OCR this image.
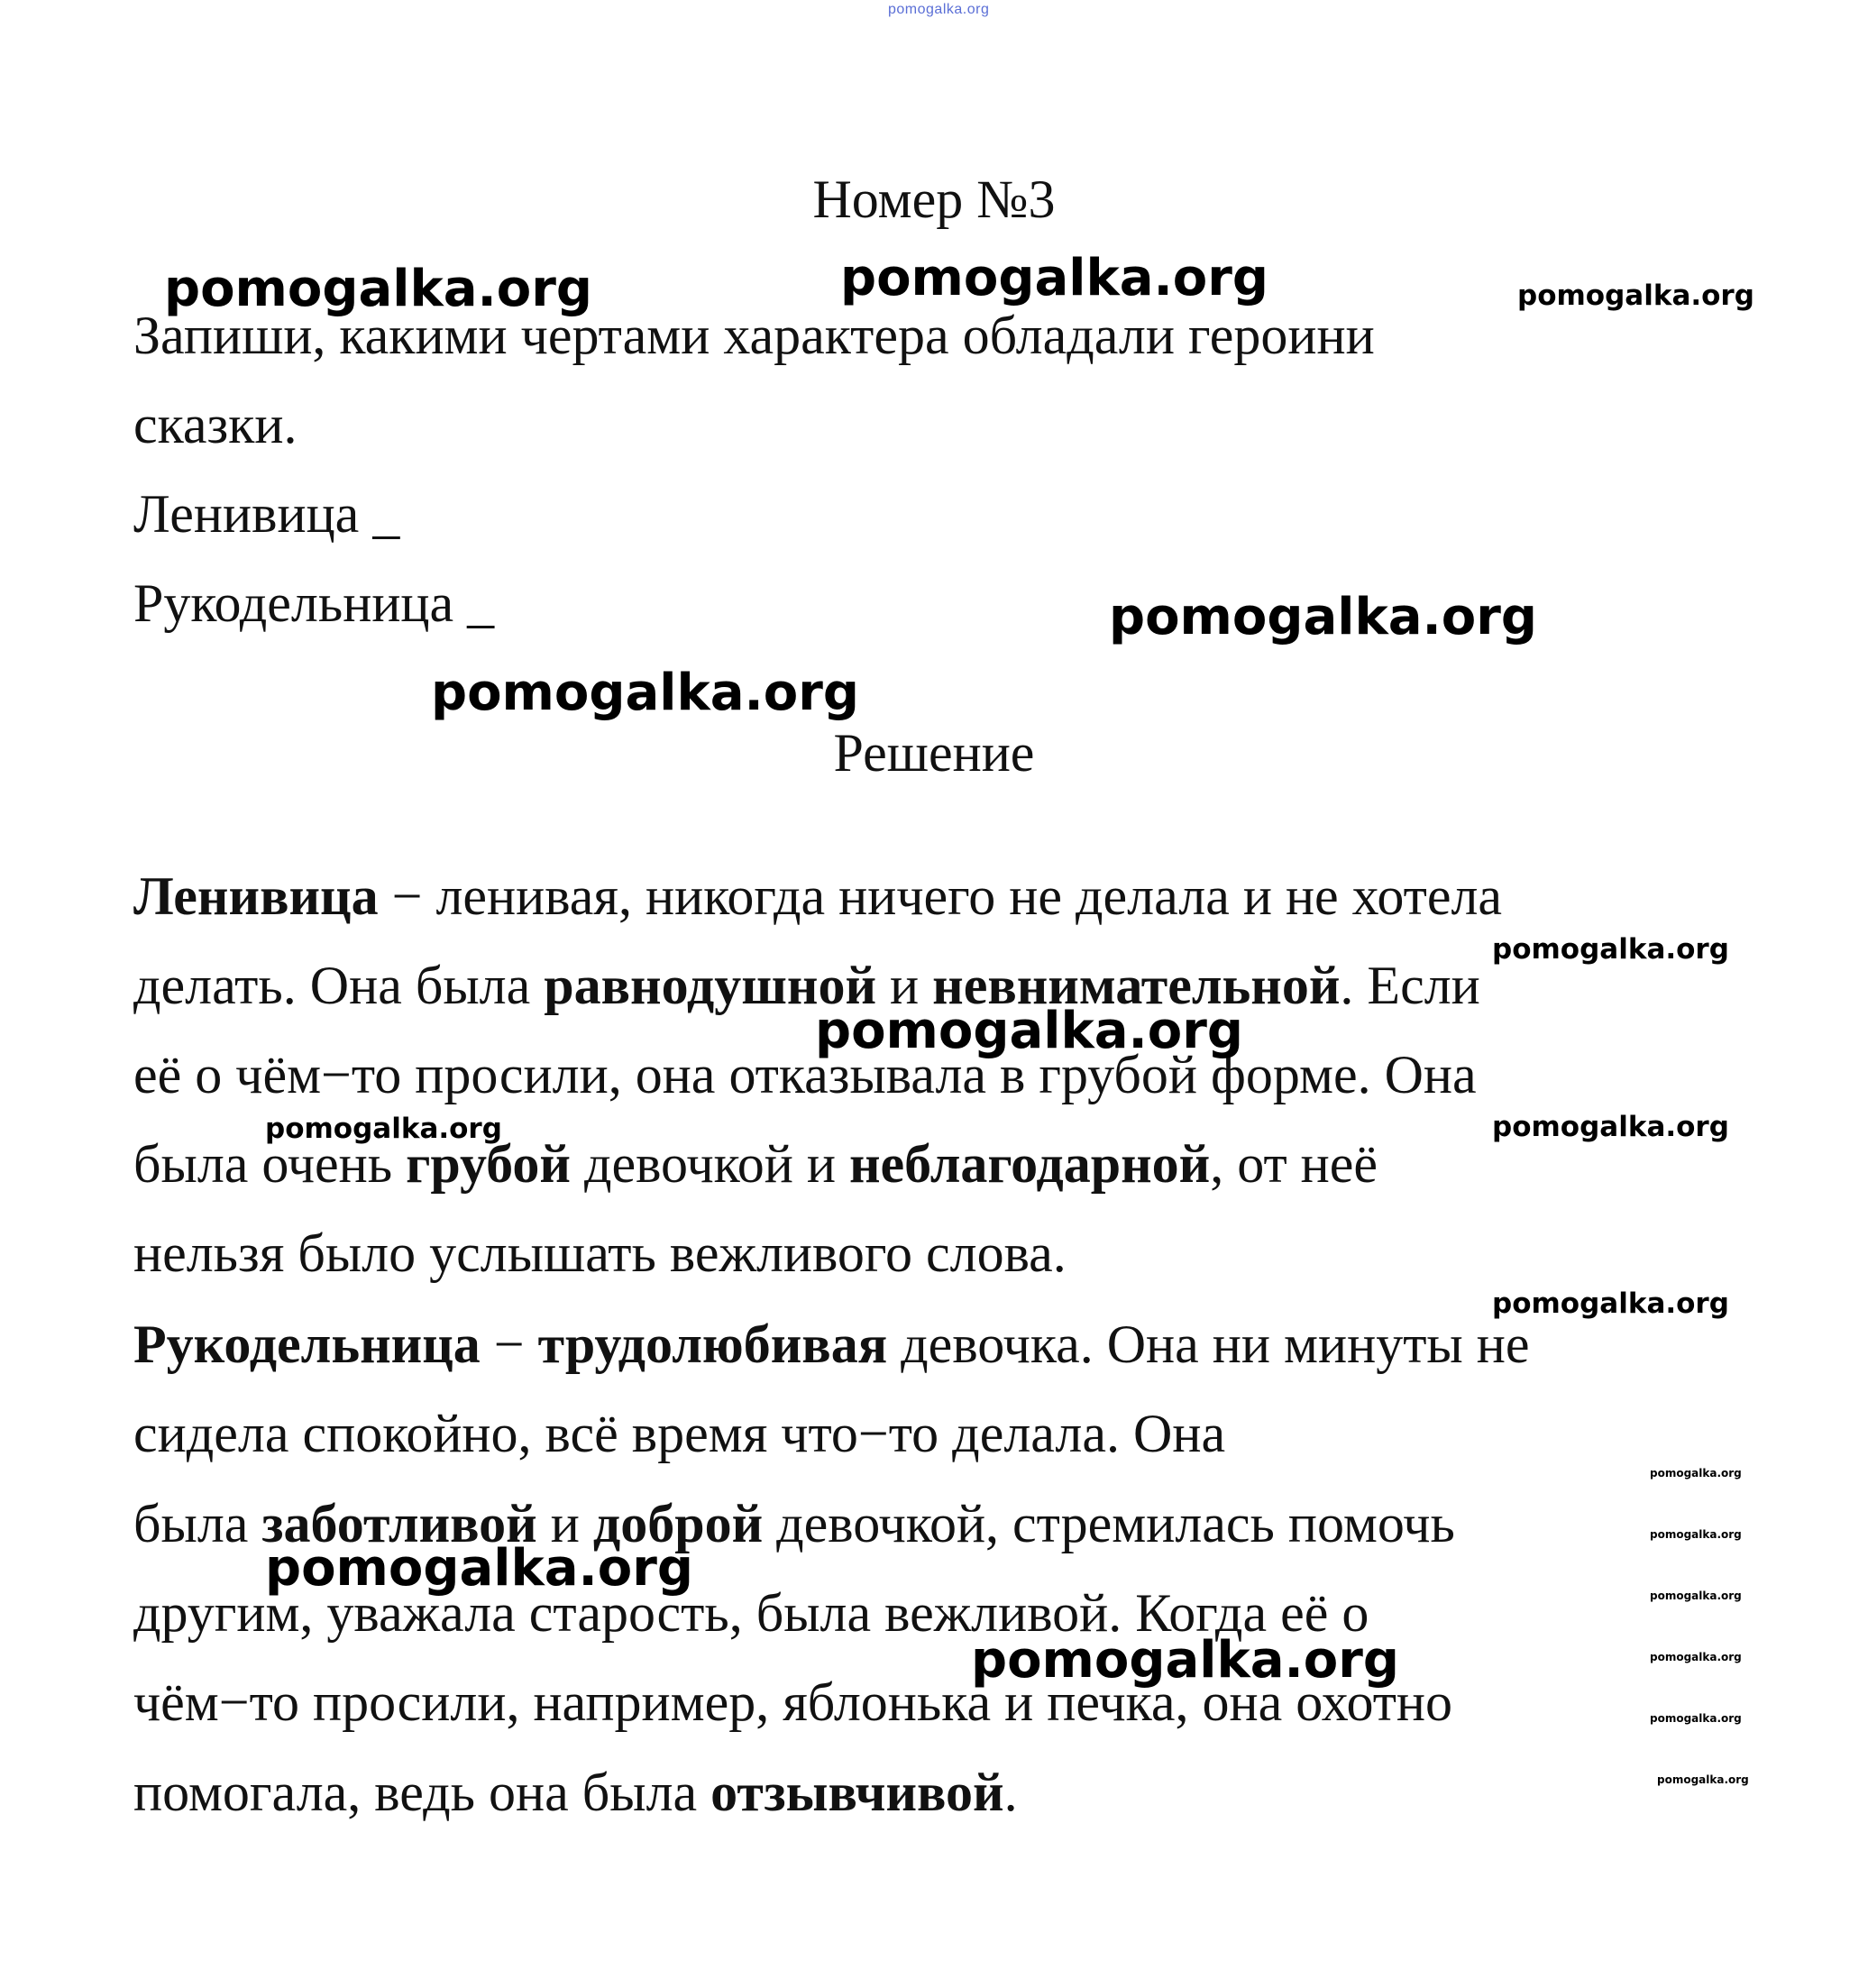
pomogalka.org
Номер №3
Запиши, какими чертами характера обладали героини
сказки.
Ленивица _
Рукодельница _
Решение
Ленивица − ленивая, никогда ничего не делала и не хотела
делать. Она была равнодушной и невнимательной. Если
её о чём−то просили, она отказывала в грубой форме. Она
была очень грубой девочкой и неблагодарной, от неё
нельзя было услышать вежливого слова.
Рукодельница − трудолюбивая девочка. Она ни минуты не
сидела спокойно, всё время что−то делала. Она
была заботливой и доброй девочкой, стремилась помочь
другим, уважала старость, была вежливой. Когда её о
чём−то просили, например, яблонька и печка, она охотно
помогала, ведь она была отзывчивой.
pomogalka.org	pomogalka.org	pomogalka.org
pomogalka.org
pomogalka.org
pomogalka.org
pomogalka.org
pomogalka.org	pomogalka.org
pomogalka.org
pomogalka.org
pomogalka.org
pomogalka.org
pomogalka.org
pomogalka.org
pomogalka.org
pomogalka.org
pomogalka.org
